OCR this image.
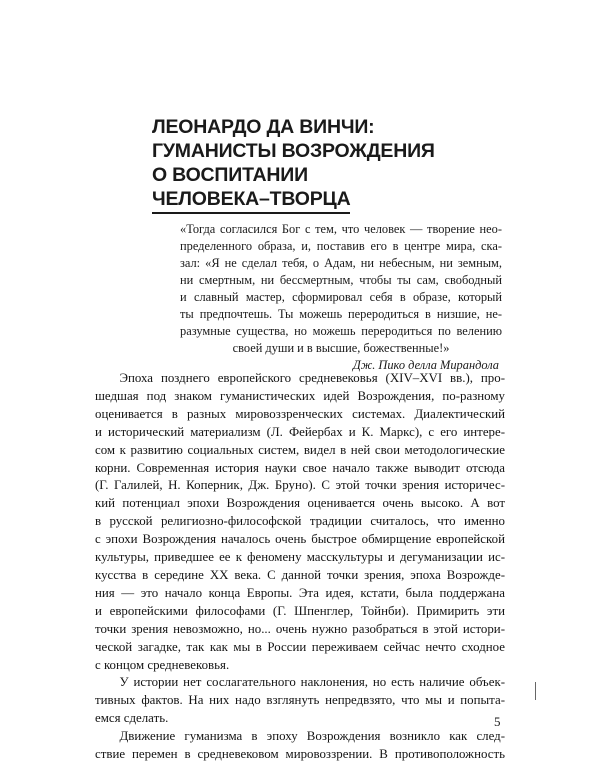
ЛЕОНАРДО ДА ВИНЧИ:
ГУМАНИСТЫ ВОЗРОЖДЕНИЯ
О ВОСПИТАНИИ
ЧЕЛОВЕКА–ТВОРЦА
«Тогда согласился Бог с тем, что человек — творение нео-
пределенного образа, и, поставив его в центре мира, ска-
зал: «Я не сделал тебя, о Адам, ни небесным, ни земным,
ни смертным, ни бессмертным, чтобы ты сам, свободный
и славный мастер, сформировал себя в образе, который
ты предпочтешь. Ты можешь переродиться в низшие, не-
разумные существа, но можешь переродиться по велению
своей души и в высшие, божественные!»
Дж. Пико делла Мирандола
Эпоха позднего европейского средневековья (XIV–XVI вв.), про-
шедшая под знаком гуманистических идей Возрождения, по-разному
оценивается в разных мировоззренческих системах. Диалектический
и исторический материализм (Л. Фейербах и К. Маркс), с его интере-
сом к развитию социальных систем, видел в ней свои методологические
корни. Современная история науки свое начало также выводит отсюда
(Г. Галилей, Н. Коперник, Дж. Бруно). С этой точки зрения историчес-
кий потенциал эпохи Возрождения оценивается очень высоко. А вот
в русской религиозно-философской традиции считалось, что именно
с эпохи Возрождения началось очень быстрое обмирщение европейской
культуры, приведшее ее к феномену масскультуры и дегуманизации ис-
кусства в середине XX века. С данной точки зрения, эпоха Возрожде-
ния — это начало конца Европы. Эта идея, кстати, была поддержана
и европейскими философами (Г. Шпенглер, Тойнби). Примирить эти
точки зрения невозможно, но... очень нужно разобраться в этой истори-
ческой загадке, так как мы в России переживаем сейчас нечто сходное
с концом средневековья.
У истории нет сослагательного наклонения, но есть наличие объек-
тивных фактов. На них надо взглянуть непредвзято, что мы и попыта-
емся сделать.
Движение гуманизма в эпоху Возрождения возникло как след-
ствие перемен в средневековом мировоззрении. В противоположность
5
